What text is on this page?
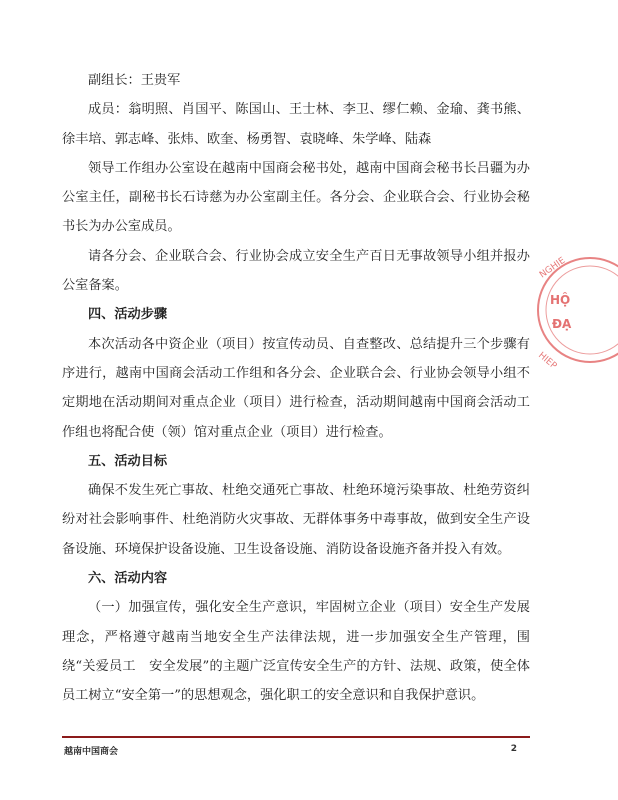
副组长：王贵军

成员：翁明照、肖国平、陈国山、王士林、李卫、缪仁赖、金瑜、龚书熊、徐丰培、郭志峰、张炜、欧奎、杨勇智、袁晓峰、朱学峰、陆森

领导工作组办公室设在越南中国商会秘书处，越南中国商会秘书长吕疆为办公室主任，副秘书长石诗慈为办公室副主任。各分会、企业联合会、行业协会秘书长为办公室成员。

请各分会、企业联合会、行业协会成立安全生产百日无事故领导小组并报办公室备案。

四、活动步骤

本次活动各中资企业（项目）按宣传动员、自查整改、总结提升三个步骤有序进行，越南中国商会活动工作组和各分会、企业联合会、行业协会领导小组不定期地在活动期间对重点企业（项目）进行检查，活动期间越南中国商会活动工作组也将配合使（领）馆对重点企业（项目）进行检查。

五、活动目标

确保不发生死亡事故、杜绝交通死亡事故、杜绝环境污染事故、杜绝劳资纠纷对社会影响事件、杜绝消防火灾事故、无群体事务中毒事故，做到安全生产设备设施、环境保护设备设施、卫生设备设施、消防设备设施齐备并投入有效。

六、活动内容

（一）加强宣传，强化安全生产意识，牢固树立企业（项目）安全生产发展理念，严格遵守越南当地安全生产法律法规，进一步加强安全生产管理，围绕“关爱员工　安全发展”的主题广泛宣传安全生产的方针、法规、政策，使全体员工树立“安全第一”的思想观念，强化职工的安全意识和自我保护意识。

NGHIE
HỘ
ĐẠ
HIEP
越南中国商会	2
